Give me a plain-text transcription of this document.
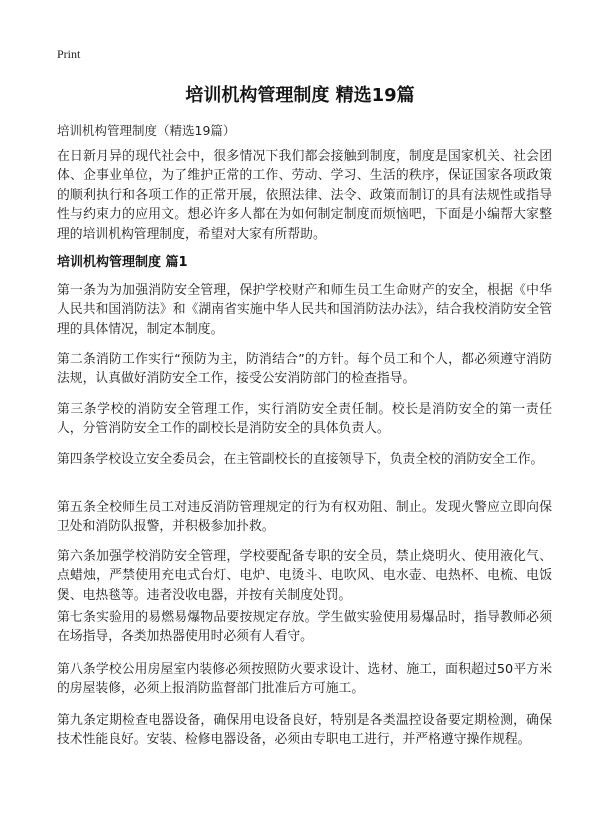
Print
培训机构管理制度 精选19篇
培训机构管理制度（精选19篇）
在日新月异的现代社会中，很多情况下我们都会接触到制度，制度是国家机关、社会团体、企事业单位，为了维护正常的工作、劳动、学习、生活的秩序，保证国家各项政策的顺利执行和各项工作的正常开展，依照法律、法令、政策而制订的具有法规性或指导性与约束力的应用文。想必许多人都在为如何制定制度而烦恼吧，下面是小编帮大家整理的培训机构管理制度，希望对大家有所帮助。
培训机构管理制度 篇1
第一条为为加强消防安全管理，保护学校财产和师生员工生命财产的安全，根据《中华人民共和国消防法》和《湖南省实施中华人民共和国消防法办法》，结合我校消防安全管理的具体情况，制定本制度。
第二条消防工作实行“预防为主，防消结合”的方针。每个员工和个人，都必须遵守消防法规，认真做好消防安全工作，接受公安消防部门的检查指导。
第三条学校的消防安全管理工作，实行消防安全责任制。校长是消防安全的第一责任人，分管消防安全工作的副校长是消防安全的具体负责人。
第四条学校设立安全委员会，在主管副校长的直接领导下，负责全校的消防安全工作。
第五条全校师生员工对违反消防管理规定的行为有权劝阻、制止。发现火警应立即向保卫处和消防队报警，并积极参加扑救。
第六条加强学校消防安全管理，学校要配备专职的安全员，禁止烧明火、使用液化气、点蜡烛，严禁使用充电式台灯、电炉、电烫斗、电吹风、电水壶、电热杯、电梳、电饭煲、电热毯等。违者没收电器，并按有关制度处罚。
第七条实验用的易燃易爆物品要按规定存放。学生做实验使用易爆品时，指导教师必须在场指导，各类加热器使用时必须有人看守。
第八条学校公用房屋室内装修必须按照防火要求设计、选材、施工，面积超过50平方米的房屋装修，必须上报消防监督部门批准后方可施工。
第九条定期检查电器设备，确保用电设备良好，特别是各类温控设备要定期检测，确保技术性能良好。安装、检修电器设备，必须由专职电工进行，并严格遵守操作规程。
